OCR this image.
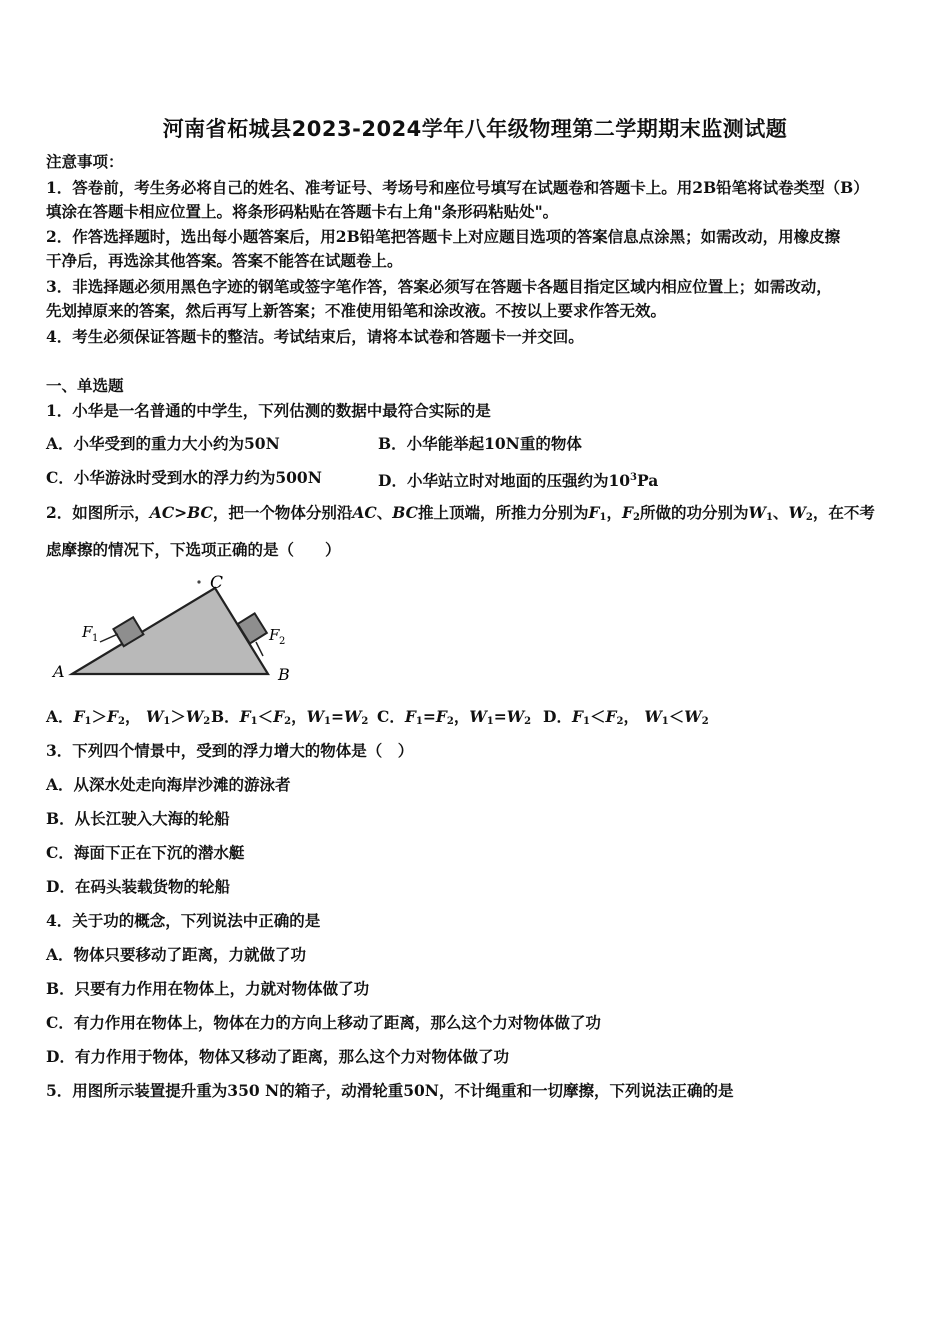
河南省柘城县2023-2024学年八年级物理第二学期期末监测试题
注意事项：
1．答卷前，考生务必将自己的姓名、准考证号、考场号和座位号填写在试题卷和答题卡上。用2B铅笔将试卷类型（B）
填涂在答题卡相应位置上。将条形码粘贴在答题卡右上角"条形码粘贴处"。
2．作答选择题时，选出每小题答案后，用2B铅笔把答题卡上对应题目选项的答案信息点涂黑；如需改动，用橡皮擦
干净后，再选涂其他答案。答案不能答在试题卷上。
3．非选择题必须用黑色字迹的钢笔或签字笔作答，答案必须写在答题卡各题目指定区域内相应位置上；如需改动，
先划掉原来的答案，然后再写上新答案；不准使用铅笔和涂改液。不按以上要求作答无效。
4．考生必须保证答题卡的整洁。考试结束后，请将本试卷和答题卡一并交回。
一、单选题
1．小华是一名普通的中学生，下列估测的数据中最符合实际的是
A．小华受到的重力大小约为50N	B．小华能举起10N重的物体
C．小华游泳时受到水的浮力约为500N	D．小华站立时对地面的压强约为$10^3Pa$
2．如图所示，AC>BC，把一个物体分别沿AC、BC推上顶端，所推力分别为$F_1$，$F_2$所做的功分别为$W_1$、$W_2$，在不考
虑摩擦的情况下，下选项正确的是（　　）
C
A	B
F 1	F 2
A．$F_1>F_2$， $W_1>W_2$ B．$F_1<F_2$，$W_1=W_2$ C．$F_1=F_2$，$W_1=W_2$ D．$F_1<F_2$， $W_1<W_2$
3．下列四个情景中，受到的浮力增大的物体是（　）
A．从深水处走向海岸沙滩的游泳者
B．从长江驶入大海的轮船
C．海面下正在下沉的潜水艇
D．在码头装载货物的轮船
4．关于功的概念，下列说法中正确的是
A．物体只要移动了距离，力就做了功
B．只要有力作用在物体上，力就对物体做了功
C．有力作用在物体上，物体在力的方向上移动了距离，那么这个力对物体做了功
D．有力作用于物体，物体又移动了距离，那么这个力对物体做了功
5．用图所示装置提升重为350 N的箱子，动滑轮重50N，不计绳重和一切摩擦，下列说法正确的是
